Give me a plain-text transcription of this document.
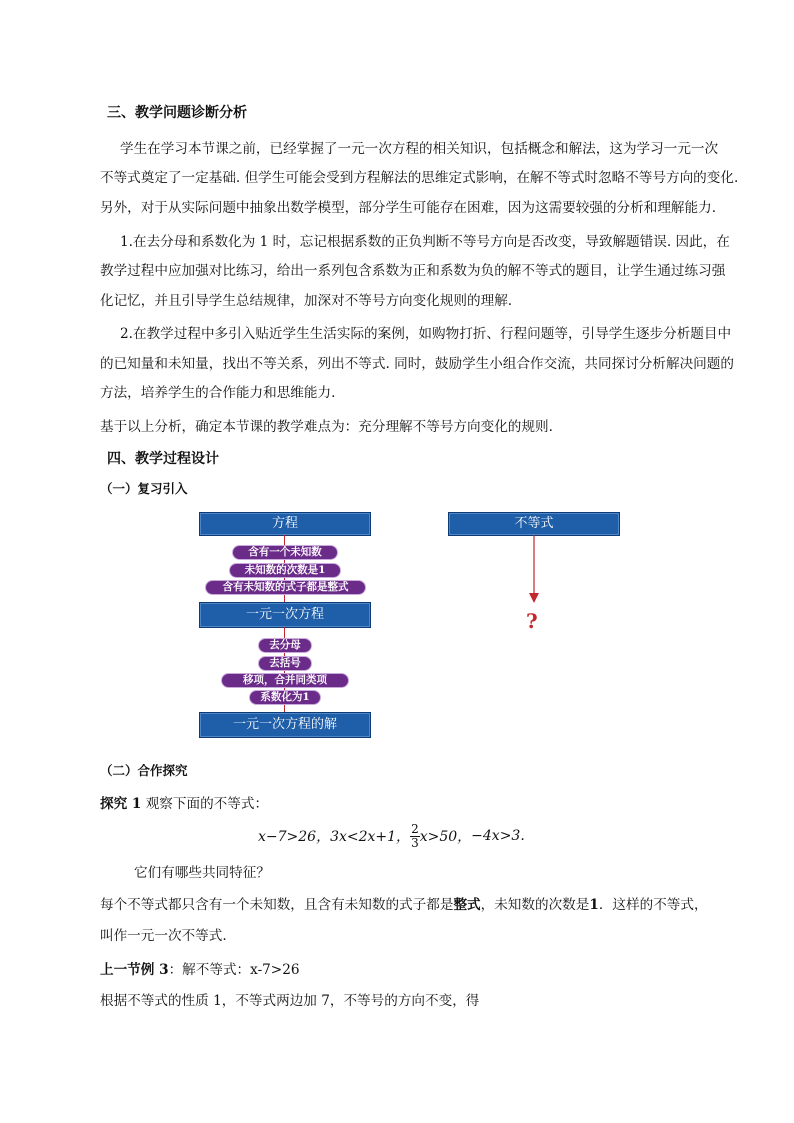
三、教学问题诊断分析
学生在学习本节课之前，已经掌握了一元一次方程的相关知识，包括概念和解法，这为学习一元一次
不等式奠定了一定基础. 但学生可能会受到方程解法的思维定式影响，在解不等式时忽略不等号方向的变化.
另外，对于从实际问题中抽象出数学模型，部分学生可能存在困难，因为这需要较强的分析和理解能力.
1.在去分母和系数化为 1 时，忘记根据系数的正负判断不等号方向是否改变，导致解题错误. 因此，在
教学过程中应加强对比练习，给出一系列包含系数为正和系数为负的解不等式的题目，让学生通过练习强
化记忆，并且引导学生总结规律，加深对不等号方向变化规则的理解.
2.在教学过程中多引入贴近学生生活实际的案例，如购物打折、行程问题等，引导学生逐步分析题目中
的已知量和未知量，找出不等关系，列出不等式. 同时，鼓励学生小组合作交流，共同探讨分析解决问题的
方法，培养学生的合作能力和思维能力.
基于以上分析，确定本节课的教学难点为：充分理解不等号方向变化的规则.
四、教学过程设计
（一）复习引入
方程
含有一个未知数
未知数的次数是1
含有未知数的式子都是整式
一元一次方程
去分母
去括号
移项，合并同类项
系数化为1
一元一次方程的解
不等式
?
（二）合作探究
探究 1 观察下面的不等式：
x−7>26， 3x<2x+1， $\frac{2}{3} x>50$， −4x>3.
它们有哪些共同特征？
每个不等式都只含有一个未知数，且含有未知数的式子都是整式，未知数的次数是1．这样的不等式，
叫作一元一次不等式.
上一节例 3：解不等式：x-7>26
根据不等式的性质 1，不等式两边加 7，不等号的方向不变，得
